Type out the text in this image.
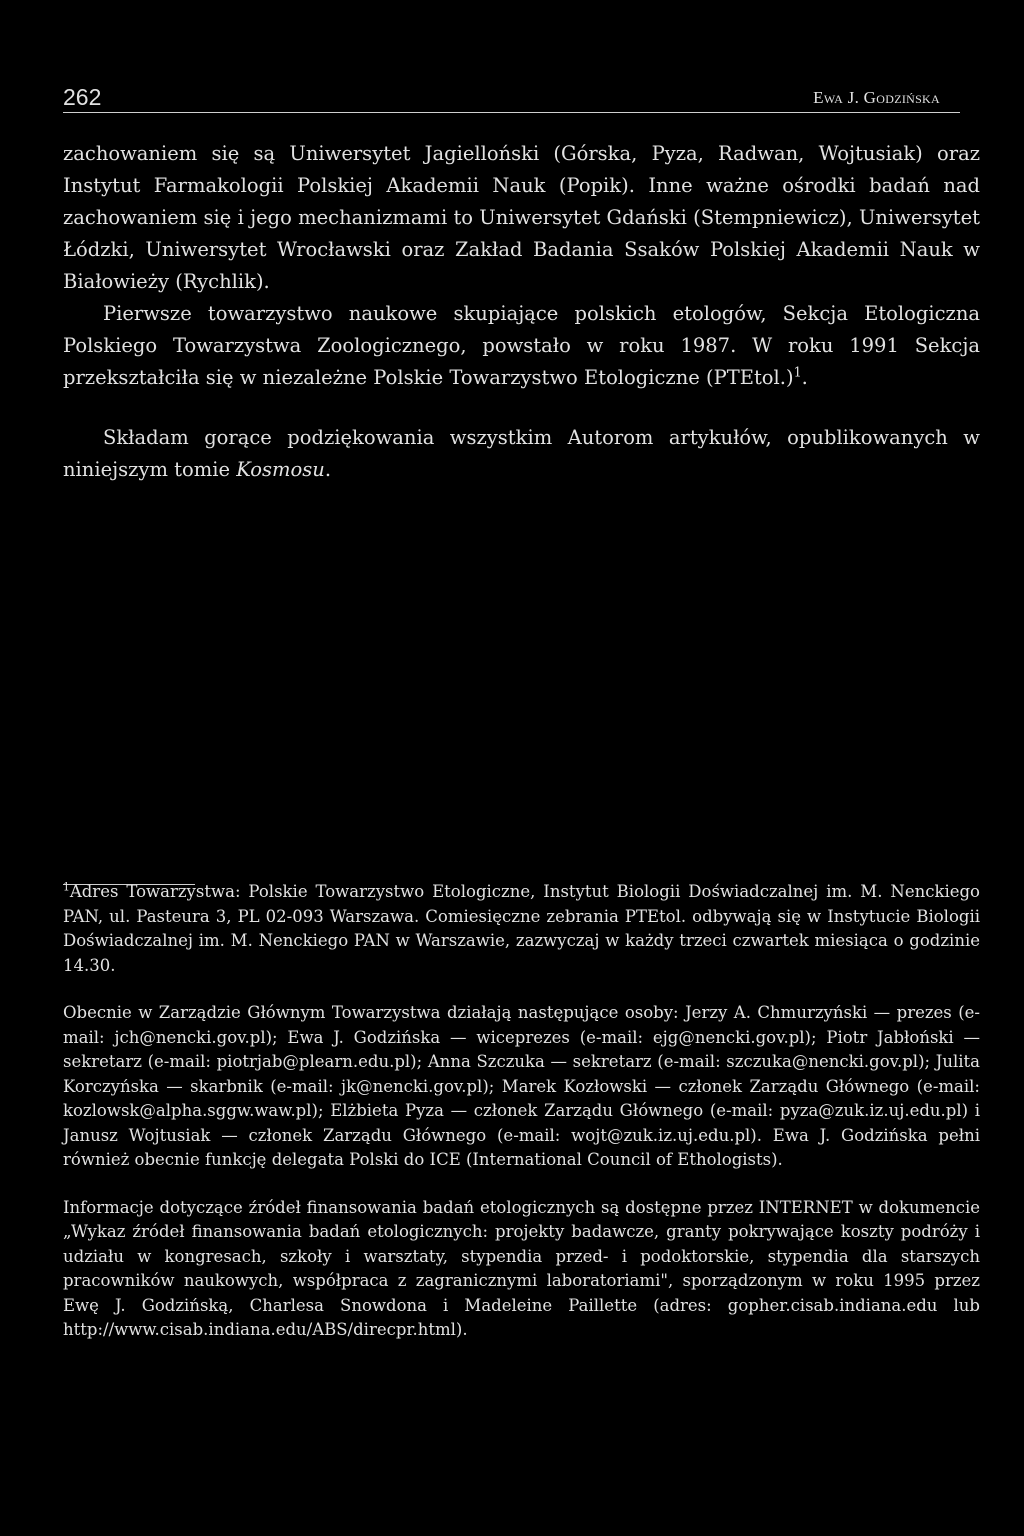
262	Ewa J. Godzińska

zachowaniem się są Uniwersytet Jagielloński (Górska, Pyza, Radwan, Wojtusiak) oraz Instytut Farmakologii Polskiej Akademii Nauk (Popik). Inne ważne ośrodki badań nad zachowaniem się i jego mechanizmami to Uniwersytet Gdański (Stempniewicz), Uniwersytet Łódzki, Uniwersytet Wrocławski oraz Zakład Badania Ssaków Polskiej Akademii Nauk w Białowieży (Rychlik).

Pierwsze towarzystwo naukowe skupiające polskich etologów, Sekcja Etologiczna Polskiego Towarzystwa Zoologicznego, powstało w roku 1987. W roku 1991 Sekcja przekształciła się w niezależne Polskie Towarzystwo Etologiczne (PTEtol.)$^1$.

Składam gorące podziękowania wszystkim Autorom artykułów, opublikowanych w niniejszym tomie Kosmosu.

$^1$Adres Towarzystwa: Polskie Towarzystwo Etologiczne, Instytut Biologii Doświadczalnej im. M. Nenckiego PAN, ul. Pasteura 3, PL 02-093 Warszawa. Comiesięczne zebrania PTEtol. odbywają się w Instytucie Biologii Doświadczalnej im. M. Nenckiego PAN w Warszawie, zazwyczaj w każdy trzeci czwartek miesiąca o godzinie 14.30.

Obecnie w Zarządzie Głównym Towarzystwa działają następujące osoby: Jerzy A. Chmurzyński — prezes (e-mail: jch@nencki.gov.pl); Ewa J. Godzińska — wiceprezes (e-mail: ejg@nencki.gov.pl); Piotr Jabłoński — sekretarz (e-mail: piotrjab@plearn.edu.pl); Anna Szczuka — sekretarz (e-mail: szczuka@nencki.gov.pl); Julita Korczyńska — skarbnik (e-mail: jk@nencki.gov.pl); Marek Kozłowski — członek Zarządu Głównego (e-mail: kozlowsk@alpha.sggw.waw.pl); Elżbieta Pyza — członek Zarządu Głównego (e-mail: pyza@zuk.iz.uj.edu.pl) i Janusz Wojtusiak — członek Zarządu Głównego (e-mail: wojt@zuk.iz.uj.edu.pl). Ewa J. Godzińska pełni również obecnie funkcję delegata Polski do ICE (International Council of Ethologists).

Informacje dotyczące źródeł finansowania badań etologicznych są dostępne przez INTERNET w dokumencie „Wykaz źródeł finansowania badań etologicznych: projekty badawcze, granty pokrywające koszty podróży i udziału w kongresach, szkoły i warsztaty, stypendia przed- i podoktorskie, stypendia dla starszych pracowników naukowych, współpraca z zagranicznymi laboratoriami", sporządzonym w roku 1995 przez Ewę J. Godzińską, Charlesa Snowdona i Madeleine Paillette (adres: gopher.cisab.indiana.edu lub http://www.cisab.indiana.edu/ABS/direcpr.html).
